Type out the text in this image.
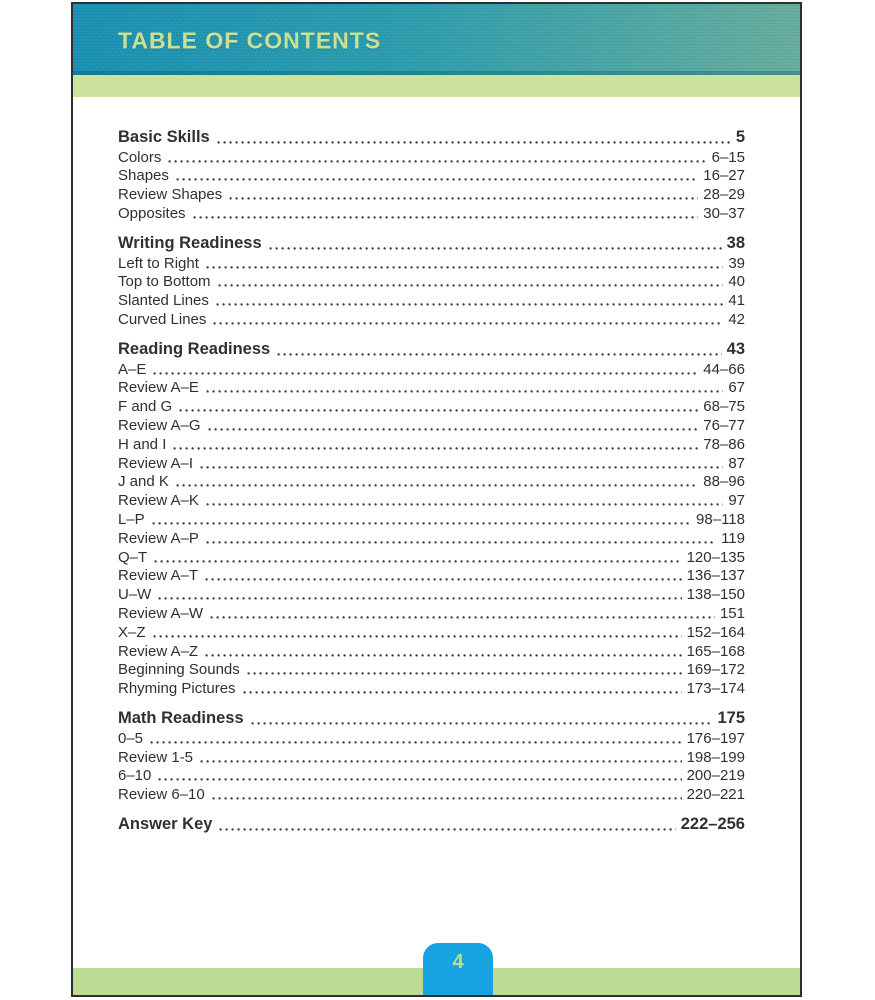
TABLE OF CONTENTS
Basic Skills	5
Colors	6–15
Shapes	16–27
Review Shapes	28–29
Opposites	30–37
Writing Readiness	38
Left to Right	39
Top to Bottom	40
Slanted Lines	41
Curved Lines	42
Reading Readiness	43
A–E	44–66
Review A–E	67
F and G	68–75
Review A–G	76–77
H and I	78–86
Review A–I	87
J and K	88–96
Review A–K	97
L–P	98–118
Review A–P	119
Q–T	120–135
Review A–T	136–137
U–W	138–150
Review A–W	151
X–Z	152–164
Review A–Z	165–168
Beginning Sounds	169–172
Rhyming Pictures	173–174
Math Readiness	175
0–5	176–197
Review 1-5	198–199
6–10	200–219
Review 6–10	220–221
Answer Key	222–256
4
